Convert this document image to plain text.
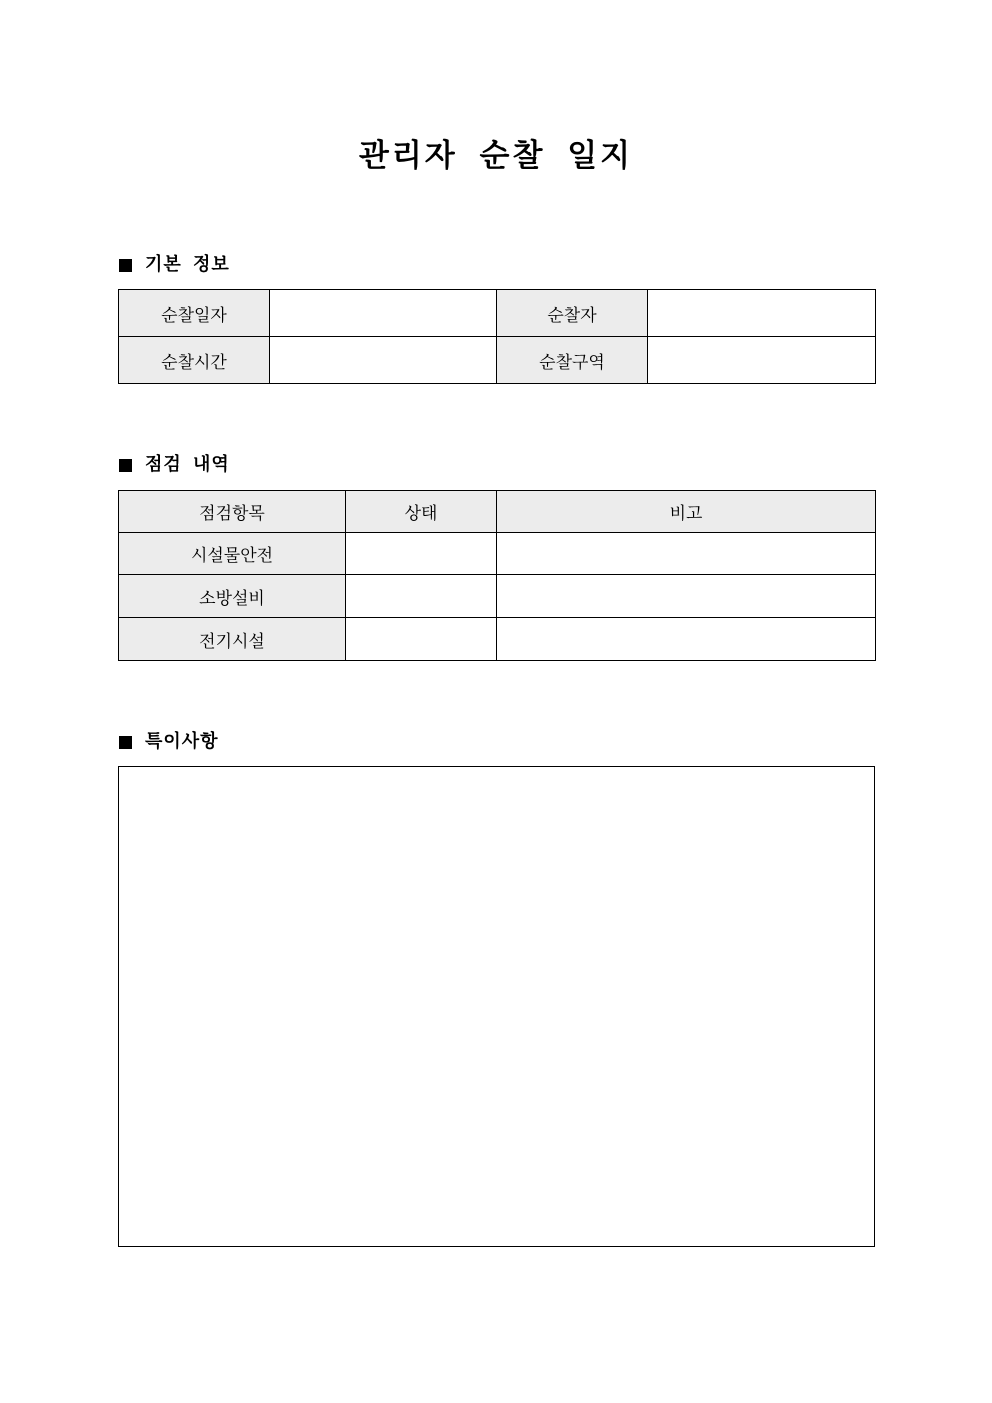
관리자 순찰 일지
기본 정보
순찰일자		순찰자	
순찰시간		순찰구역	
점검 내역
점검항목	상태	비고
시설물안전		
소방설비		
전기시설		
특이사항
